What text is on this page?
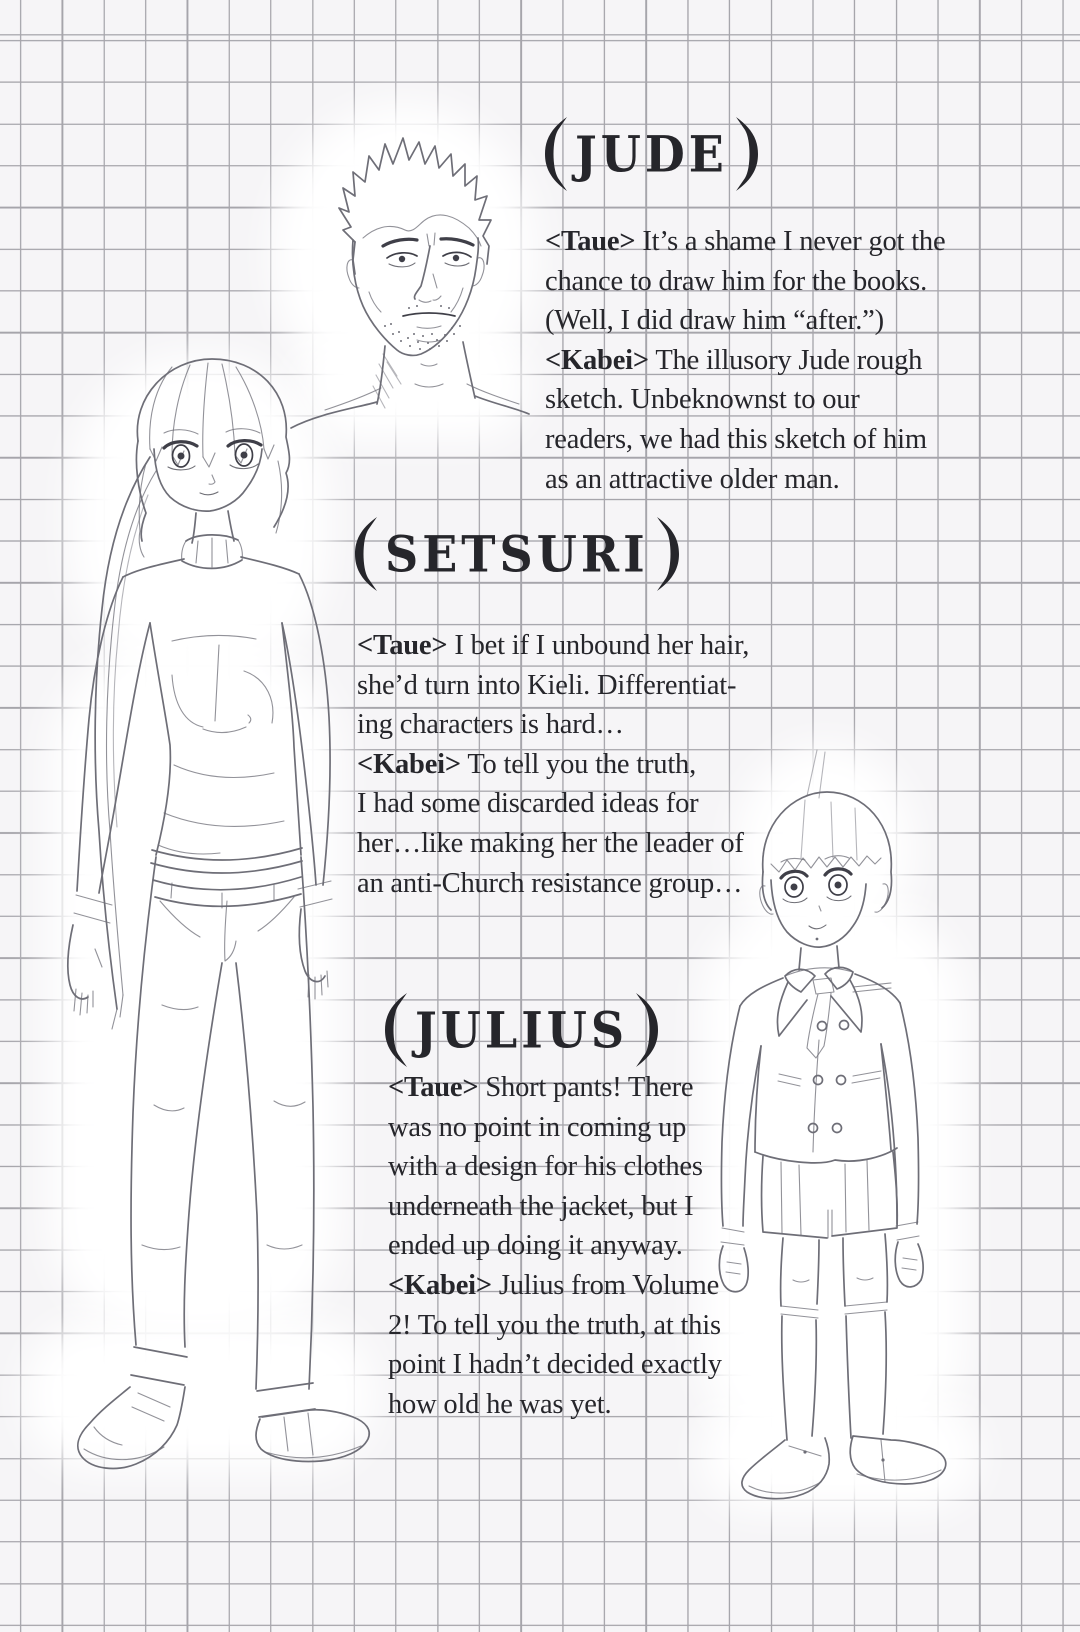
JUDE
<Taue> It’s a shame I never got the
chance to draw him for the books.
(Well, I did draw him “after.”)
<Kabei> The illusory Jude rough
sketch. Unbeknownst to our
readers, we had this sketch of him
as an attractive older man.
SETSURI
<Taue> I bet if I unbound her hair,
she’d turn into Kieli. Differentiat-
ing characters is hard…
<Kabei> To tell you the truth,
I had some discarded ideas for
her…like making her the leader of
an anti-Church resistance group…
JULIUS
<Taue> Short pants! There
was no point in coming up
with a design for his clothes
underneath the jacket, but I
ended up doing it anyway.
<Kabei> Julius from Volume
2! To tell you the truth, at this
point I hadn’t decided exactly
how old he was yet.
